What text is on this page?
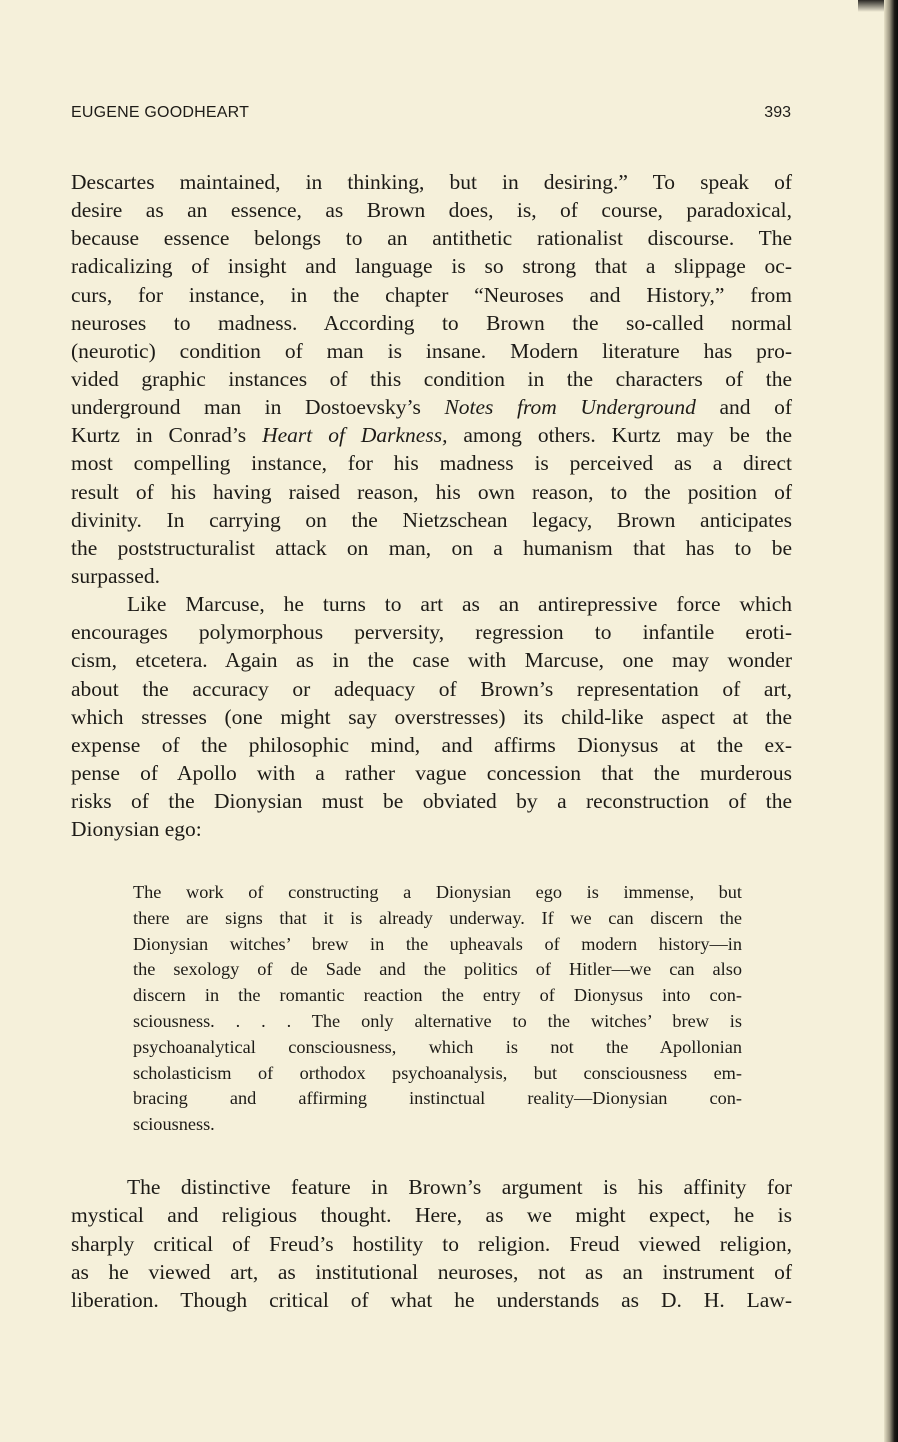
EUGENE GOODHEART	393
Descartes maintained, in thinking, but in desiring.” To speak of
desire as an essence, as Brown does, is, of course, paradoxical,
because essence belongs to an antithetic rationalist discourse. The
radicalizing of insight and language is so strong that a slippage oc-
curs, for instance, in the chapter “Neuroses and History,” from
neuroses to madness. According to Brown the so-called normal
(neurotic) condition of man is insane. Modern literature has pro-
vided graphic instances of this condition in the characters of the
underground man in Dostoevsky’s Notes from Underground and of
Kurtz in Conrad’s Heart of Darkness, among others. Kurtz may be the
most compelling instance, for his madness is perceived as a direct
result of his having raised reason, his own reason, to the position of
divinity. In carrying on the Nietzschean legacy, Brown anticipates
the poststructuralist attack on man, on a humanism that has to be
surpassed.
Like Marcuse, he turns to art as an antirepressive force which
encourages polymorphous perversity, regression to infantile eroti-
cism, etcetera. Again as in the case with Marcuse, one may wonder
about the accuracy or adequacy of Brown’s representation of art,
which stresses (one might say overstresses) its child-like aspect at the
expense of the philosophic mind, and affirms Dionysus at the ex-
pense of Apollo with a rather vague concession that the murderous
risks of the Dionysian must be obviated by a reconstruction of the
Dionysian ego:
The work of constructing a Dionysian ego is immense, but
there are signs that it is already underway. If we can discern the
Dionysian witches’ brew in the upheavals of modern history—in
the sexology of de Sade and the politics of Hitler—we can also
discern in the romantic reaction the entry of Dionysus into con-
sciousness. . . . The only alternative to the witches’ brew is
psychoanalytical consciousness, which is not the Apollonian
scholasticism of orthodox psychoanalysis, but consciousness em-
bracing and affirming instinctual reality—Dionysian con-
sciousness.
The distinctive feature in Brown’s argument is his affinity for
mystical and religious thought. Here, as we might expect, he is
sharply critical of Freud’s hostility to religion. Freud viewed religion,
as he viewed art, as institutional neuroses, not as an instrument of
liberation. Though critical of what he understands as D. H. Law-
